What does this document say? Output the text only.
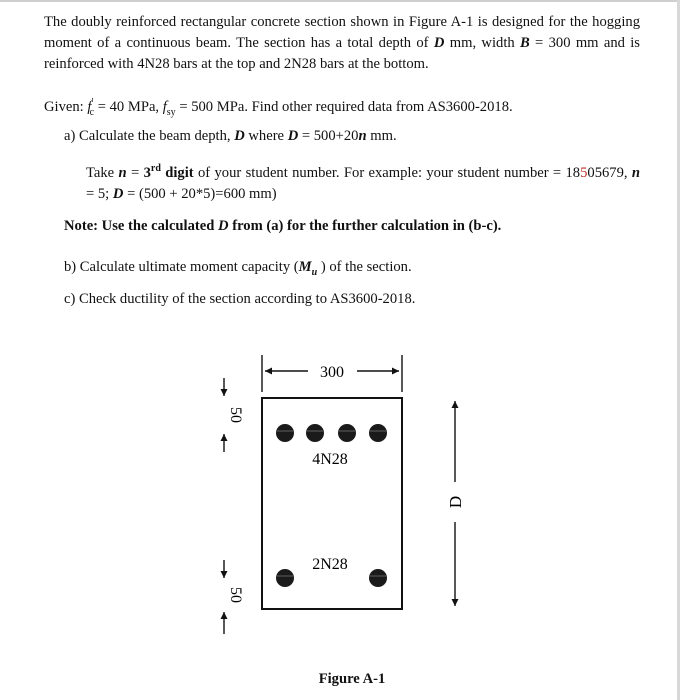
The doubly reinforced rectangular concrete section shown in Figure A-1 is designed for the hogging moment of a continuous beam. The section has a total depth of D mm, width B = 300 mm and is reinforced with 4N28 bars at the top and 2N28 bars at the bottom.
Given: $f'_c = 40$ MPa, $f_{sy} = 500$ MPa. Find other required data from AS3600-2018.
a) Calculate the beam depth, D where D = 500+20n mm.
Take n = 3rd digit of your student number. For example: your student number = 18505679, n = 5; D = (500 + 20*5)=600 mm)
Note: Use the calculated D from (a) for the further calculation in (b-c).
b) Calculate ultimate moment capacity ($M_u$ ) of the section.
c) Check ductility of the section according to AS3600-2018.
300
4N28
2N28
D
50
50
Figure A-1
